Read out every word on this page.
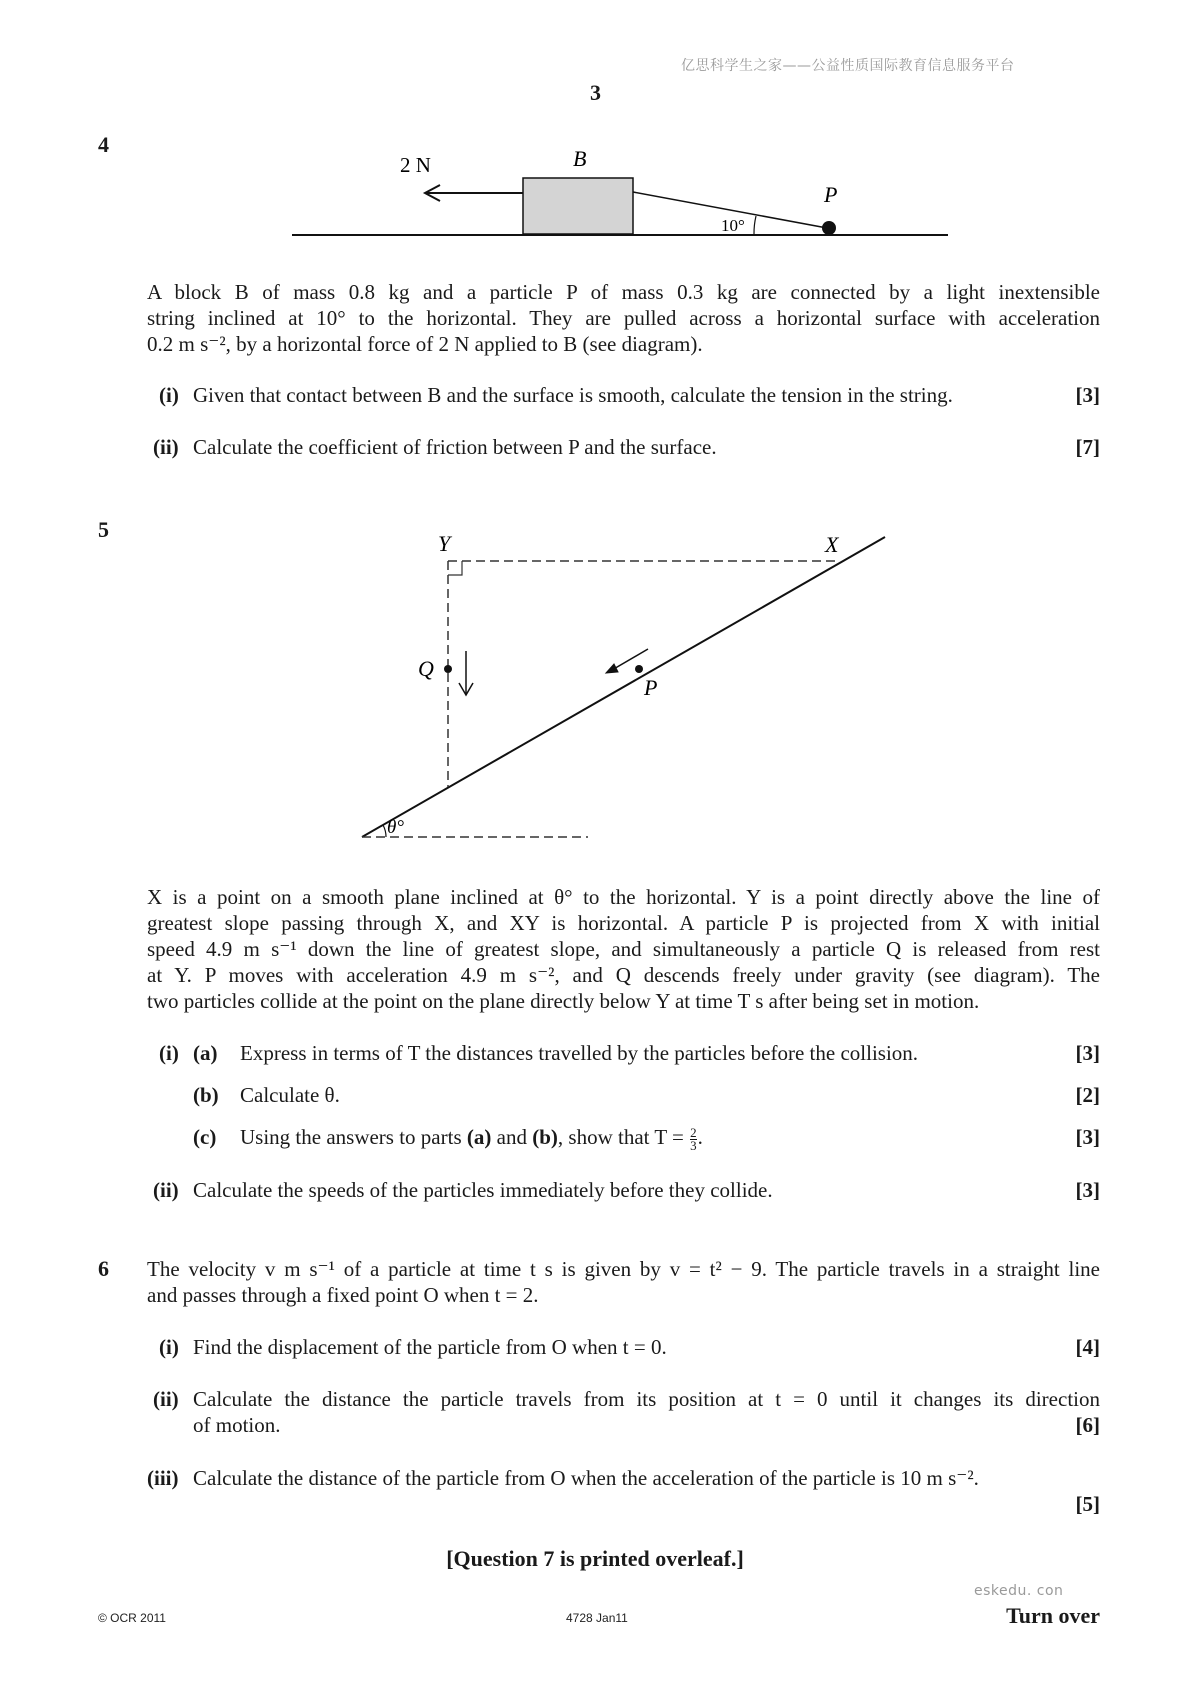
亿思科学生之家——公益性质国际教育信息服务平台
3
4
2 N	B
P
10°
A block B of mass 0.8 kg and a particle P of mass 0.3 kg are connected by a light inextensible
string inclined at 10° to the horizontal. They are pulled across a horizontal surface with acceleration
0.2 m s⁻², by a horizontal force of 2 N applied to B (see diagram).
(i) Given that contact between B and the surface is smooth, calculate the tension in the string.	[3]
(ii) Calculate the coefficient of friction between P and the surface.	[7]
5
Y	X
Q
P
θ°
X is a point on a smooth plane inclined at θ° to the horizontal. Y is a point directly above the line of
greatest slope passing through X, and XY is horizontal. A particle P is projected from X with initial
speed 4.9 m s⁻¹ down the line of greatest slope, and simultaneously a particle Q is released from rest
at Y. P moves with acceleration 4.9 m s⁻², and Q descends freely under gravity (see diagram). The
two particles collide at the point on the plane directly below Y at time T s after being set in motion.
(i) (a) Express in terms of T the distances travelled by the particles before the collision.	[3]
(b) Calculate θ.	[2]
(c) Using the answers to parts (a) and (b), show that $T = \frac{2}{3}$ .	[3]
(ii) Calculate the speeds of the particles immediately before they collide.	[3]
6 The velocity v m s⁻¹ of a particle at time t s is given by v = t² − 9. The particle travels in a straight line
and passes through a fixed point O when t = 2.
(i) Find the displacement of the particle from O when t = 0.	[4]
(ii) Calculate the distance the particle travels from its position at t = 0 until it changes its direction
of motion.	[6]
(iii) Calculate the distance of the particle from O when the acceleration of the particle is 10 m s⁻².
[5]
[Question 7 is printed overleaf.]
eskedu. con
© OCR 2011	4728 Jan11	Turn over
